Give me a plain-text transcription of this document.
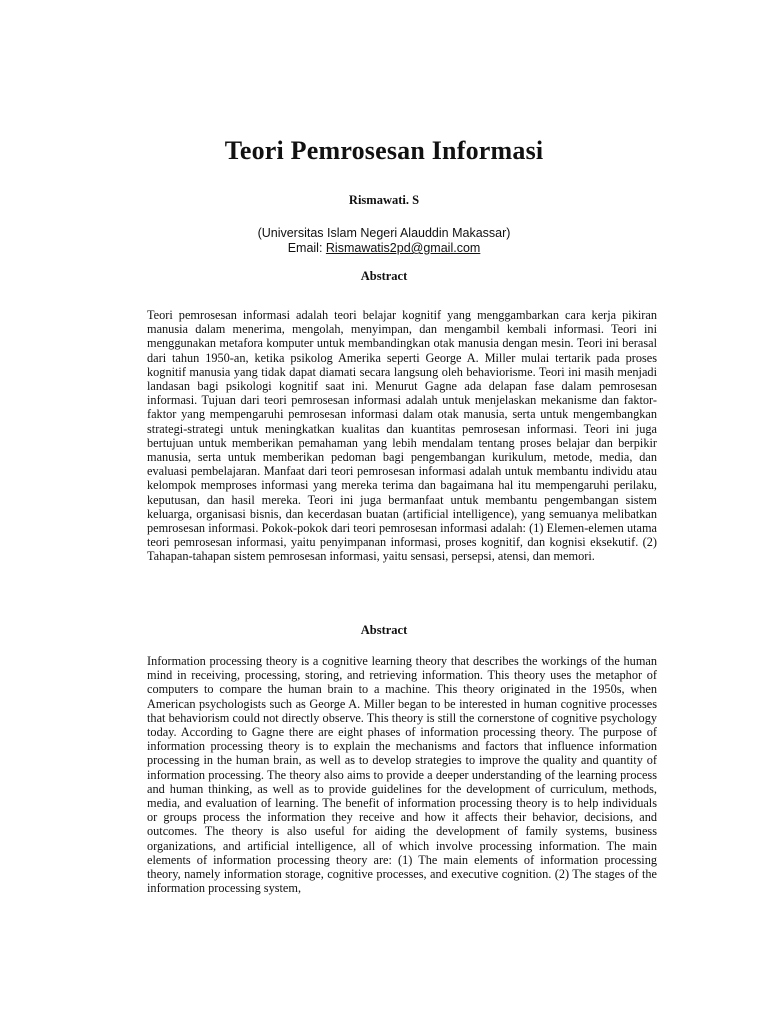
Teori Pemrosesan Informasi
Rismawati. S
(Universitas Islam Negeri Alauddin Makassar)
Email: Rismawatis2pd@gmail.com
Abstract

Teori pemrosesan informasi adalah teori belajar kognitif yang menggambarkan cara kerja pikiran manusia dalam menerima, mengolah, menyimpan, dan mengambil kembali informasi. Teori ini menggunakan metafora komputer untuk membandingkan otak manusia dengan mesin. Teori ini berasal dari tahun 1950-an, ketika psikolog Amerika seperti George A. Miller mulai tertarik pada proses kognitif manusia yang tidak dapat diamati secara langsung oleh behaviorisme. Teori ini masih menjadi landasan bagi psikologi kognitif saat ini. Menurut Gagne ada delapan fase dalam pemrosesan informasi. Tujuan dari teori pemrosesan informasi adalah untuk menjelaskan mekanisme dan faktor-faktor yang mempengaruhi pemrosesan informasi dalam otak manusia, serta untuk mengembangkan strategi-strategi untuk meningkatkan kualitas dan kuantitas pemrosesan informasi. Teori ini juga bertujuan untuk memberikan pemahaman yang lebih mendalam tentang proses belajar dan berpikir manusia, serta untuk memberikan pedoman bagi pengembangan kurikulum, metode, media, dan evaluasi pembelajaran. Manfaat dari teori pemrosesan informasi adalah untuk membantu individu atau kelompok memproses informasi yang mereka terima dan bagaimana hal itu mempengaruhi perilaku, keputusan, dan hasil mereka. Teori ini juga bermanfaat untuk membantu pengembangan sistem keluarga, organisasi bisnis, dan kecerdasan buatan (artificial intelligence), yang semuanya melibatkan pemrosesan informasi. Pokok-pokok dari teori pemrosesan informasi adalah: (1) Elemen-elemen utama teori pemrosesan informasi, yaitu penyimpanan informasi, proses kognitif, dan kognisi eksekutif. (2) Tahapan-tahapan sistem pemrosesan informasi, yaitu sensasi, persepsi, atensi, dan memori.

Abstract

Information processing theory is a cognitive learning theory that describes the workings of the human mind in receiving, processing, storing, and retrieving information. This theory uses the metaphor of computers to compare the human brain to a machine. This theory originated in the 1950s, when American psychologists such as George A. Miller began to be interested in human cognitive processes that behaviorism could not directly observe. This theory is still the cornerstone of cognitive psychology today. According to Gagne there are eight phases of information processing theory. The purpose of information processing theory is to explain the mechanisms and factors that influence information processing in the human brain, as well as to develop strategies to improve the quality and quantity of information processing. The theory also aims to provide a deeper understanding of the learning process and human thinking, as well as to provide guidelines for the development of curriculum, methods, media, and evaluation of learning. The benefit of information processing theory is to help individuals or groups process the information they receive and how it affects their behavior, decisions, and outcomes. The theory is also useful for aiding the development of family systems, business organizations, and artificial intelligence, all of which involve processing information. The main elements of information processing theory are: (1) The main elements of information processing theory, namely information storage, cognitive processes, and executive cognition. (2) The stages of the information processing system,
